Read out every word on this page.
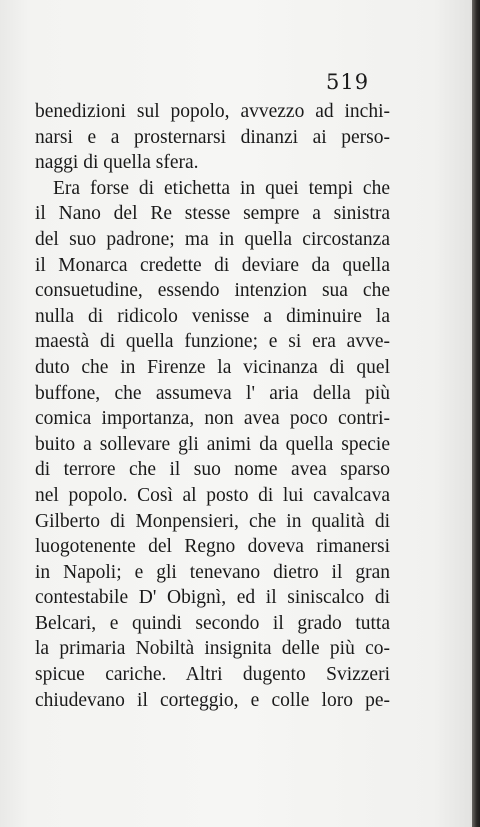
519
benedizioni sul popolo, avvezzo ad inchi-
narsi e a prosternarsi dinanzi ai perso-
naggi di quella sfera.
Era forse di etichetta in quei tempi che
il Nano del Re stesse sempre a sinistra
del suo padrone; ma in quella circostanza
il Monarca credette di deviare da quella
consuetudine, essendo intenzion sua che
nulla di ridicolo venisse a diminuire la
maestà di quella funzione; e si era avve-
duto che in Firenze la vicinanza di quel
buffone, che assumeva l' aria della più
comica importanza, non avea poco contri-
buito a sollevare gli animi da quella specie
di terrore che il suo nome avea sparso
nel popolo. Così al posto di lui cavalcava
Gilberto di Monpensieri, che in qualità di
luogotenente del Regno doveva rimanersi
in Napoli; e gli tenevano dietro il gran
contestabile D' Obignì, ed il siniscalco di
Belcari, e quindi secondo il grado tutta
la primaria Nobiltà insignita delle più co-
spicue cariche. Altri dugento Svizzeri
chiudevano il corteggio, e colle loro pe-
